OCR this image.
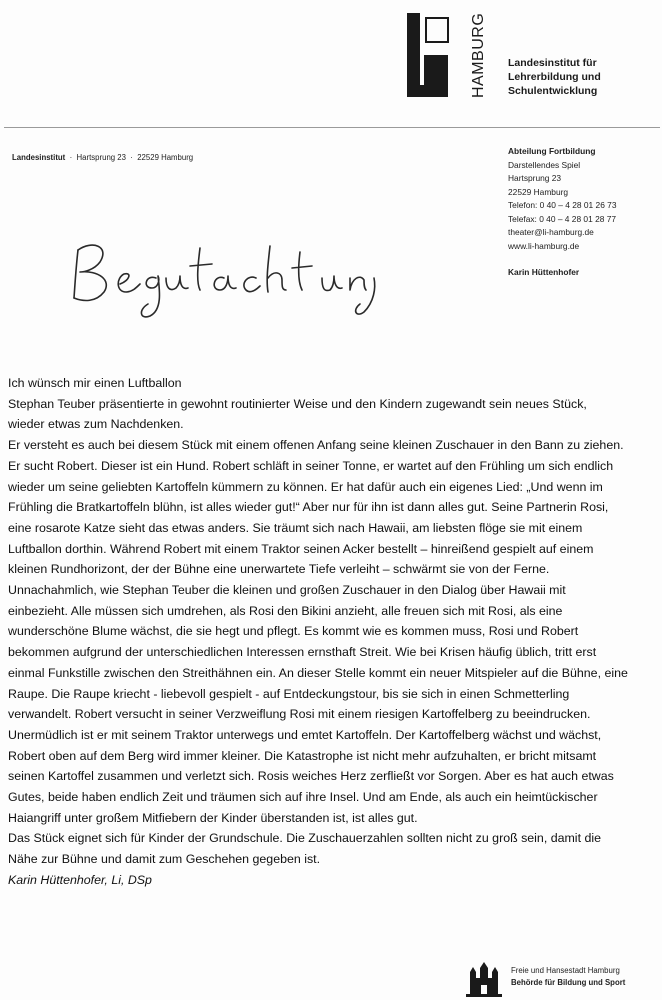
HAMBURG	Landesinstitut für
Lehrerbildung und
Schulentwicklung
Landesinstitut ·  Hartsprung 23  ·  22529 Hamburg
Abteilung Fortbildung
Darstellendes Spiel
Hartsprung 23
22529 Hamburg
Telefon: 0 40 – 4 28 01 26 73
Telefax: 0 40 – 4 28 01 28 77
theater@li-hamburg.de
www.li-hamburg.de
Karin Hüttenhofer

Ich wünsch mir einen Luftballon

Stephan Teuber präsentierte in gewohnt routinierter Weise und den Kindern zugewandt sein neues Stück,

wieder etwas zum Nachdenken.

Er versteht es auch bei diesem Stück mit einem offenen Anfang seine kleinen Zuschauer in den Bann zu ziehen.

Er sucht Robert. Dieser ist ein Hund. Robert schläft in seiner Tonne, er wartet auf den Frühling um sich endlich

wieder um seine geliebten Kartoffeln kümmern zu können. Er hat dafür auch ein eigenes Lied: „Und wenn im

Frühling die Bratkartoffeln blühn, ist alles wieder gut!“ Aber nur für ihn ist dann alles gut. Seine Partnerin Rosi,

eine rosarote Katze sieht das etwas anders. Sie träumt sich nach Hawaii, am liebsten flöge sie mit einem

Luftballon dorthin. Während Robert mit einem Traktor seinen Acker bestellt – hinreißend gespielt auf einem

kleinen Rundhorizont, der der Bühne eine unerwartete Tiefe verleiht – schwärmt sie von der Ferne.

Unnachahmlich, wie Stephan Teuber die kleinen und großen Zuschauer in den Dialog über Hawaii mit

einbezieht. Alle müssen sich umdrehen, als Rosi den Bikini anzieht, alle freuen sich mit Rosi, als eine

wunderschöne Blume wächst, die sie hegt und pflegt. Es kommt wie es kommen muss, Rosi und Robert

bekommen aufgrund der unterschiedlichen Interessen ernsthaft Streit. Wie bei Krisen häufig üblich, tritt erst

einmal Funkstille zwischen den Streithähnen ein. An dieser Stelle kommt ein neuer Mitspieler auf die Bühne, eine

Raupe. Die Raupe kriecht - liebevoll gespielt - auf Entdeckungstour, bis sie sich in einen Schmetterling

verwandelt. Robert versucht in seiner Verzweiflung Rosi mit einem riesigen Kartoffelberg zu beeindrucken.

Unermüdlich ist er mit seinem Traktor unterwegs und emtet Kartoffeln. Der Kartoffelberg wächst und wächst,

Robert oben auf dem Berg wird immer kleiner. Die Katastrophe ist nicht mehr aufzuhalten, er bricht mitsamt

seinen Kartoffel zusammen und verletzt sich. Rosis weiches Herz zerfließt vor Sorgen. Aber es hat auch etwas

Gutes, beide haben endlich Zeit und träumen sich auf ihre Insel. Und am Ende, als auch ein heimtückischer

Haiangriff unter großem Mitfiebern der Kinder überstanden ist, ist alles gut.

Das Stück eignet sich für Kinder der Grundschule. Die Zuschauerzahlen sollten nicht zu groß sein, damit die

Nähe zur Bühne und damit zum Geschehen gegeben ist.

Karin Hüttenhofer, Li, DSp

Freie und Hansestadt Hamburg
Behörde für Bildung und Sport
